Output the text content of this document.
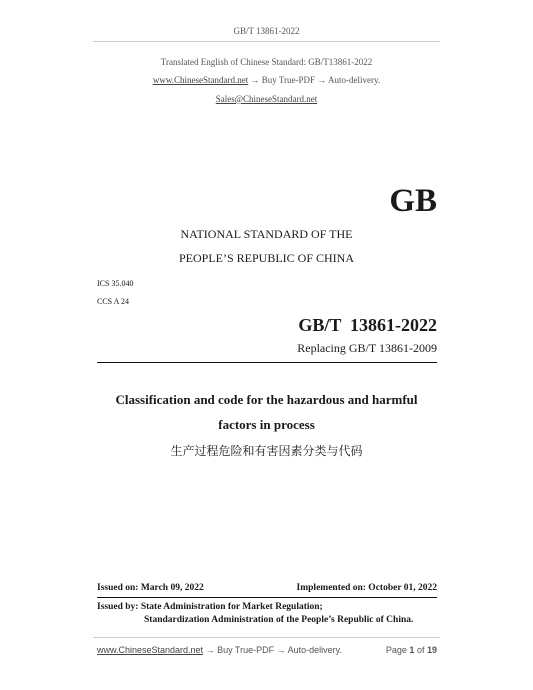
GB/T 13861-2022
Translated English of Chinese Standard: GB/T13861-2022
www.ChineseStandard.net → Buy True-PDF → Auto-delivery.
Sales@ChineseStandard.net
GB
NATIONAL STANDARD OF THE
PEOPLE’S REPUBLIC OF CHINA
ICS 35.040
CCS A 24
GB/T  13861-2022
Replacing GB/T 13861-2009
Classification and code for the hazardous and harmful
factors in process
生产过程危险和有害因素分类与代码
Issued on: March 09, 2022	Implemented on: October 01, 2022
Issued by: State Administration for Market Regulation;
Standardization Administration of the People’s Republic of China.
www.ChineseStandard.net → Buy True-PDF → Auto-delivery.	Page 1 of 19
